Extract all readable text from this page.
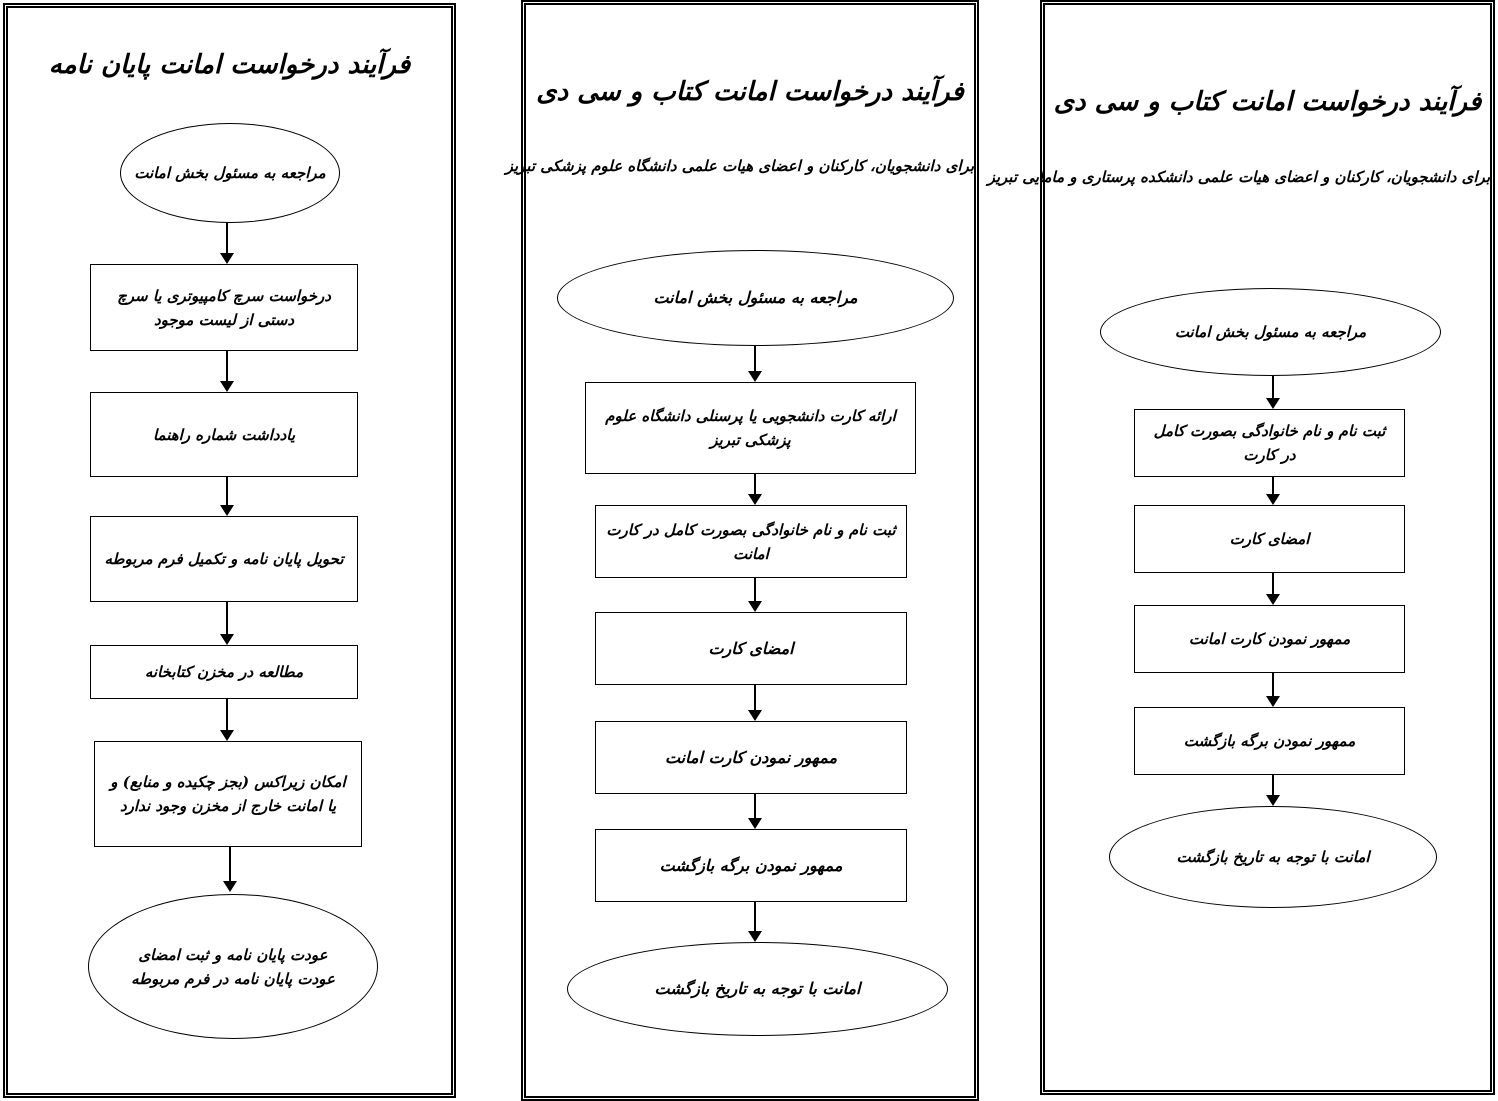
فرآیند درخواست امانت پایان نامه
مراجعه به مسئول بخش امانت
درخواست سرچ کامپیوتری یا سرچ دستی از لیست موجود
یادداشت شماره راهنما
تحویل پایان نامه و تکمیل فرم مربوطه
مطالعه در مخزن کتابخانه
امکان زیراکس (بجز چکیده و منابع) و یا امانت خارج از مخزن وجود ندارد
عودت پایان نامه و ثبت امضای عودت پایان نامه در فرم مربوطه
فرآیند درخواست امانت کتاب و سی دی
برای دانشجویان، کارکنان و اعضای هیات علمی دانشگاه علوم پزشکی تبریز
مراجعه به مسئول بخش امانت
ارائه کارت دانشجویی یا پرسنلی دانشگاه علوم پزشکی تبریز
ثبت نام و نام خانوادگی بصورت کامل در کارت امانت
امضای کارت
ممهور نمودن کارت امانت
ممهور نمودن برگه بازگشت
امانت با توجه به تاریخ بازگشت
فرآیند درخواست امانت کتاب و سی دی
برای دانشجویان، کارکنان و اعضای هیات علمی دانشکده پرستاری و مامایی تبریز
مراجعه به مسئول بخش امانت
ثبت نام و نام خانوادگی بصورت کامل در کارت
امضای کارت
ممهور نمودن کارت امانت
ممهور نمودن برگه بازگشت
امانت با توجه به تاریخ بازگشت
